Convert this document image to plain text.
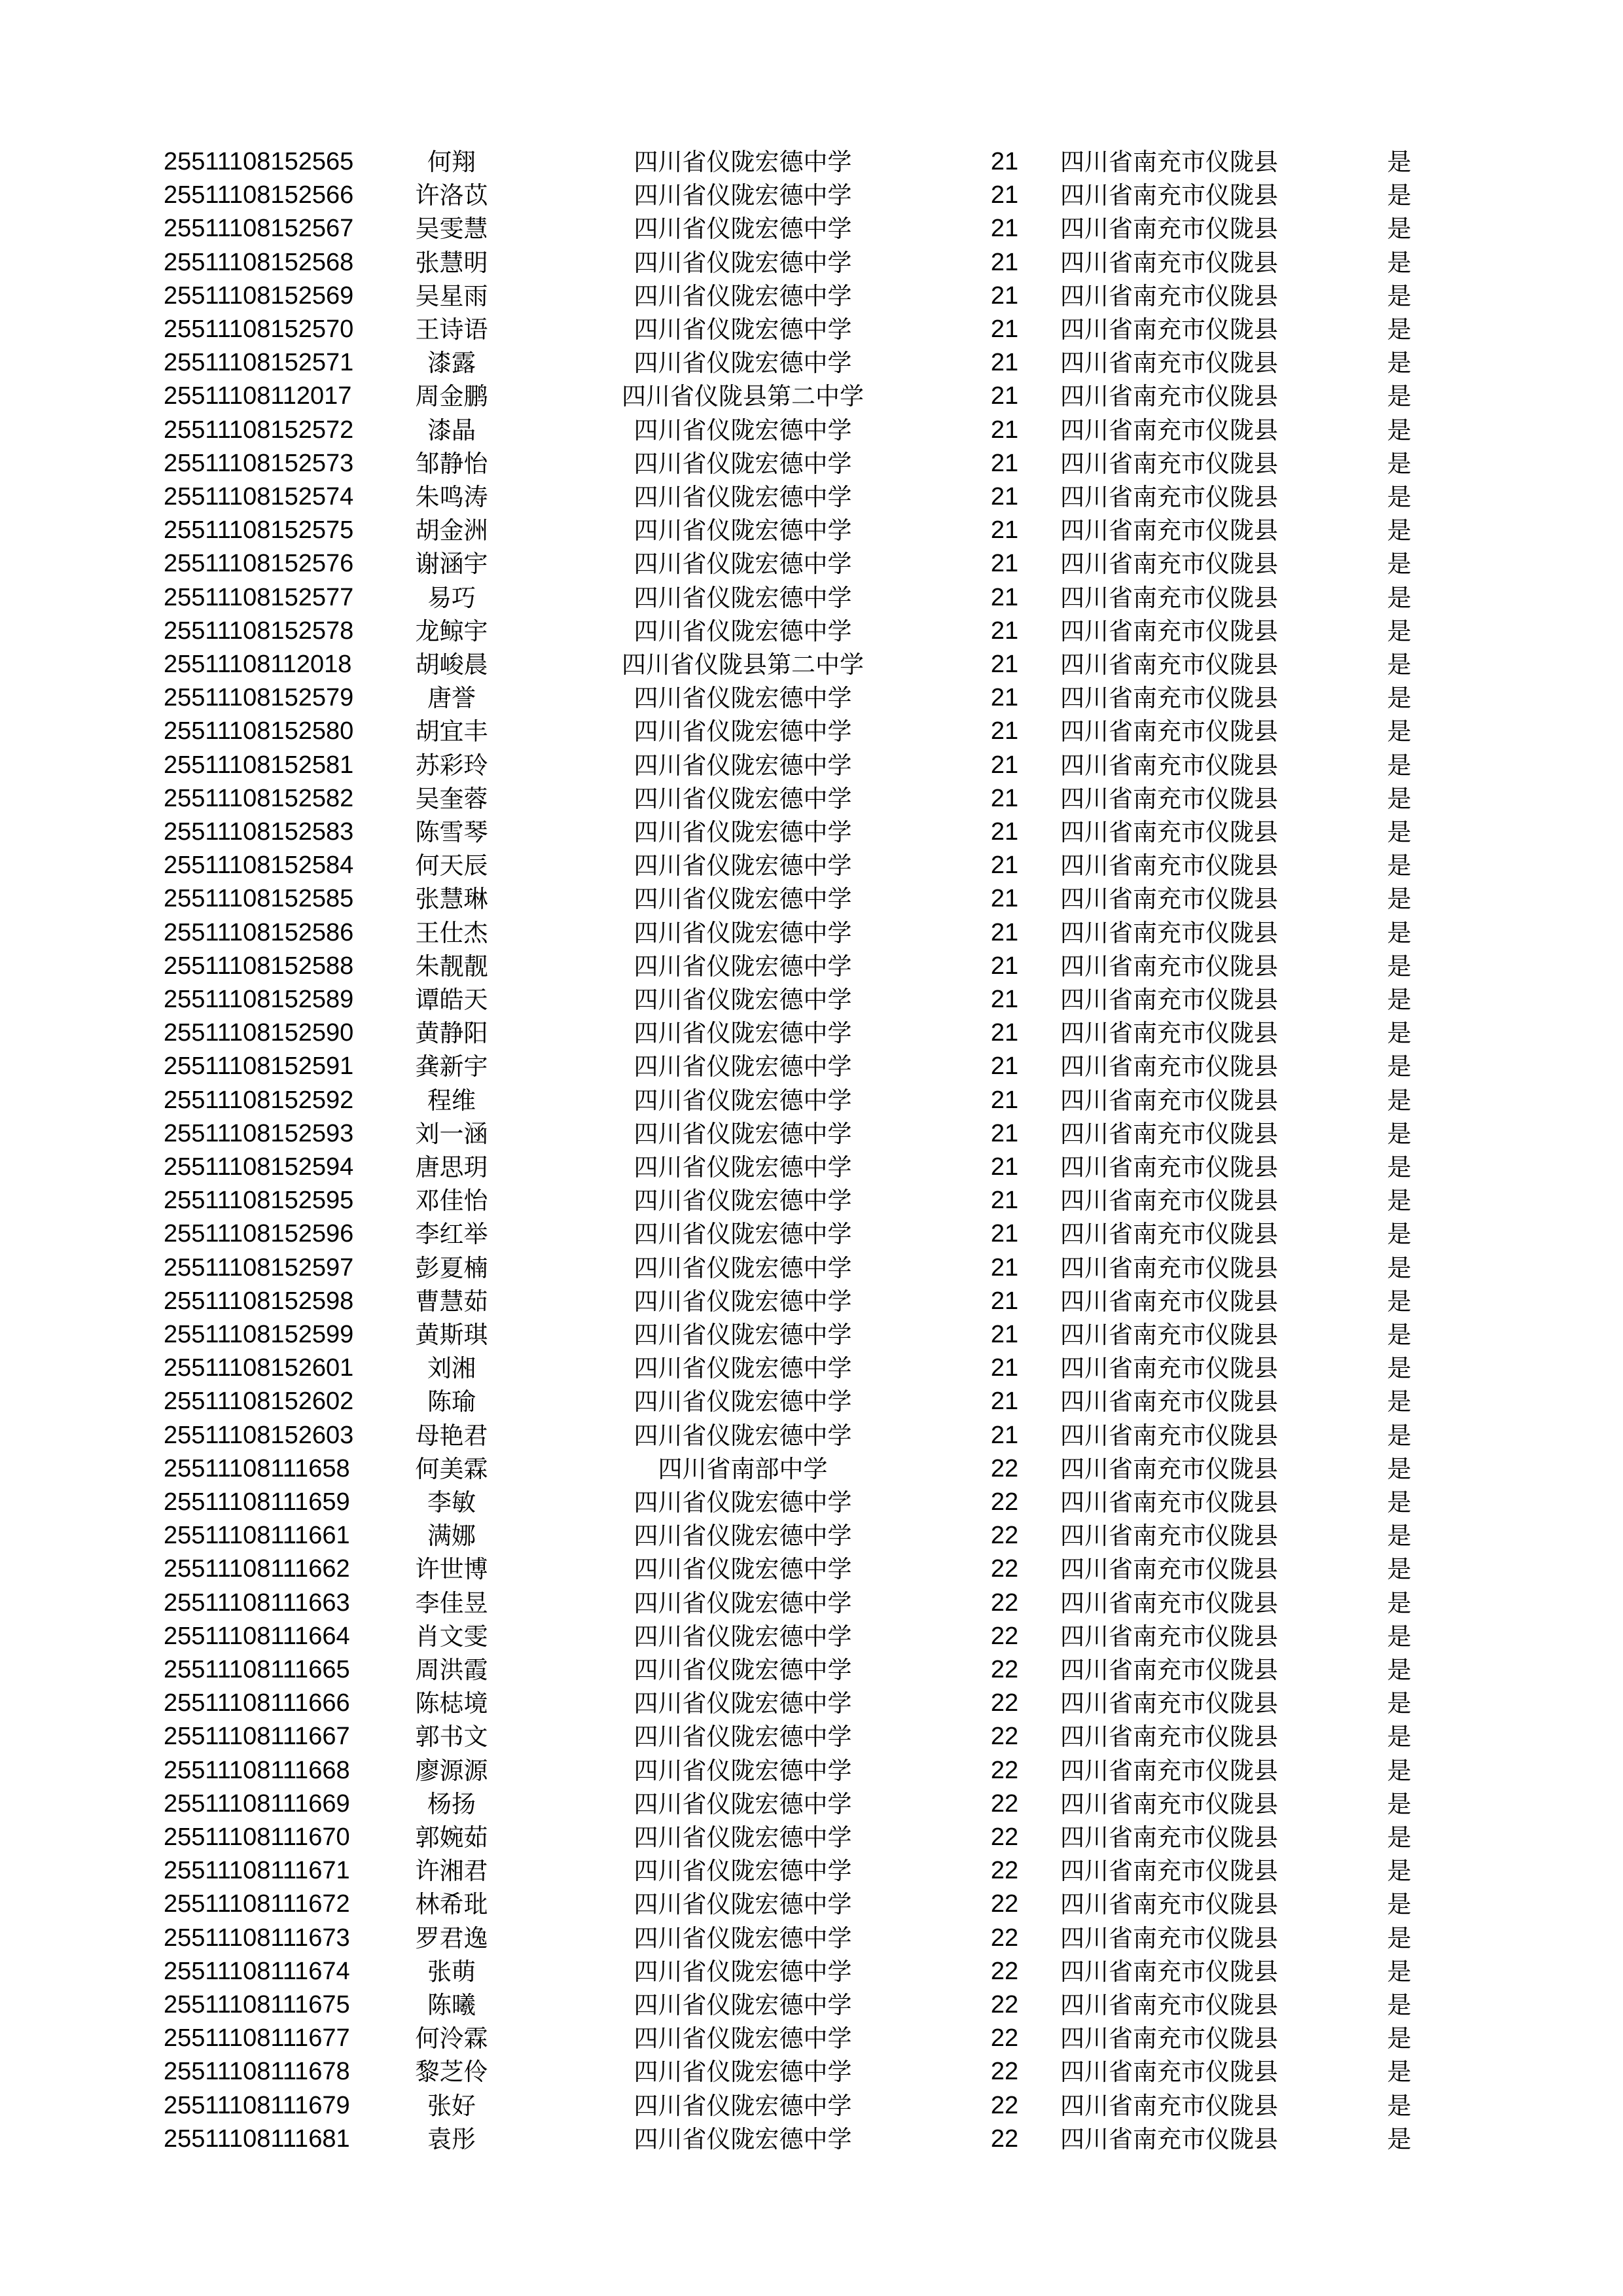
25511108152565	何翔	四川省仪陇宏德中学	21	四川省南充市仪陇县	是
25511108152566	许洛苡	四川省仪陇宏德中学	21	四川省南充市仪陇县	是
25511108152567	吴雯慧	四川省仪陇宏德中学	21	四川省南充市仪陇县	是
25511108152568	张慧明	四川省仪陇宏德中学	21	四川省南充市仪陇县	是
25511108152569	吴星雨	四川省仪陇宏德中学	21	四川省南充市仪陇县	是
25511108152570	王诗语	四川省仪陇宏德中学	21	四川省南充市仪陇县	是
25511108152571	漆露	四川省仪陇宏德中学	21	四川省南充市仪陇县	是
25511108112017	周金鹏	四川省仪陇县第二中学	21	四川省南充市仪陇县	是
25511108152572	漆晶	四川省仪陇宏德中学	21	四川省南充市仪陇县	是
25511108152573	邹静怡	四川省仪陇宏德中学	21	四川省南充市仪陇县	是
25511108152574	朱鸣涛	四川省仪陇宏德中学	21	四川省南充市仪陇县	是
25511108152575	胡金洲	四川省仪陇宏德中学	21	四川省南充市仪陇县	是
25511108152576	谢涵宇	四川省仪陇宏德中学	21	四川省南充市仪陇县	是
25511108152577	易巧	四川省仪陇宏德中学	21	四川省南充市仪陇县	是
25511108152578	龙鲸宇	四川省仪陇宏德中学	21	四川省南充市仪陇县	是
25511108112018	胡峻晨	四川省仪陇县第二中学	21	四川省南充市仪陇县	是
25511108152579	唐誉	四川省仪陇宏德中学	21	四川省南充市仪陇县	是
25511108152580	胡宜丰	四川省仪陇宏德中学	21	四川省南充市仪陇县	是
25511108152581	苏彩玲	四川省仪陇宏德中学	21	四川省南充市仪陇县	是
25511108152582	吴奎蓉	四川省仪陇宏德中学	21	四川省南充市仪陇县	是
25511108152583	陈雪琴	四川省仪陇宏德中学	21	四川省南充市仪陇县	是
25511108152584	何天辰	四川省仪陇宏德中学	21	四川省南充市仪陇县	是
25511108152585	张慧琳	四川省仪陇宏德中学	21	四川省南充市仪陇县	是
25511108152586	王仕杰	四川省仪陇宏德中学	21	四川省南充市仪陇县	是
25511108152588	朱靓靓	四川省仪陇宏德中学	21	四川省南充市仪陇县	是
25511108152589	谭皓天	四川省仪陇宏德中学	21	四川省南充市仪陇县	是
25511108152590	黄静阳	四川省仪陇宏德中学	21	四川省南充市仪陇县	是
25511108152591	龚新宇	四川省仪陇宏德中学	21	四川省南充市仪陇县	是
25511108152592	程维	四川省仪陇宏德中学	21	四川省南充市仪陇县	是
25511108152593	刘一涵	四川省仪陇宏德中学	21	四川省南充市仪陇县	是
25511108152594	唐思玥	四川省仪陇宏德中学	21	四川省南充市仪陇县	是
25511108152595	邓佳怡	四川省仪陇宏德中学	21	四川省南充市仪陇县	是
25511108152596	李红举	四川省仪陇宏德中学	21	四川省南充市仪陇县	是
25511108152597	彭夏楠	四川省仪陇宏德中学	21	四川省南充市仪陇县	是
25511108152598	曹慧茹	四川省仪陇宏德中学	21	四川省南充市仪陇县	是
25511108152599	黄斯琪	四川省仪陇宏德中学	21	四川省南充市仪陇县	是
25511108152601	刘湘	四川省仪陇宏德中学	21	四川省南充市仪陇县	是
25511108152602	陈瑜	四川省仪陇宏德中学	21	四川省南充市仪陇县	是
25511108152603	母艳君	四川省仪陇宏德中学	21	四川省南充市仪陇县	是
25511108111658	何美霖	四川省南部中学	22	四川省南充市仪陇县	是
25511108111659	李敏	四川省仪陇宏德中学	22	四川省南充市仪陇县	是
25511108111661	满娜	四川省仪陇宏德中学	22	四川省南充市仪陇县	是
25511108111662	许世博	四川省仪陇宏德中学	22	四川省南充市仪陇县	是
25511108111663	李佳昱	四川省仪陇宏德中学	22	四川省南充市仪陇县	是
25511108111664	肖文雯	四川省仪陇宏德中学	22	四川省南充市仪陇县	是
25511108111665	周洪霞	四川省仪陇宏德中学	22	四川省南充市仪陇县	是
25511108111666	陈梽境	四川省仪陇宏德中学	22	四川省南充市仪陇县	是
25511108111667	郭书文	四川省仪陇宏德中学	22	四川省南充市仪陇县	是
25511108111668	廖源源	四川省仪陇宏德中学	22	四川省南充市仪陇县	是
25511108111669	杨扬	四川省仪陇宏德中学	22	四川省南充市仪陇县	是
25511108111670	郭婉茹	四川省仪陇宏德中学	22	四川省南充市仪陇县	是
25511108111671	许湘君	四川省仪陇宏德中学	22	四川省南充市仪陇县	是
25511108111672	林希玭	四川省仪陇宏德中学	22	四川省南充市仪陇县	是
25511108111673	罗君逸	四川省仪陇宏德中学	22	四川省南充市仪陇县	是
25511108111674	张萌	四川省仪陇宏德中学	22	四川省南充市仪陇县	是
25511108111675	陈曦	四川省仪陇宏德中学	22	四川省南充市仪陇县	是
25511108111677	何泠霖	四川省仪陇宏德中学	22	四川省南充市仪陇县	是
25511108111678	黎芝伶	四川省仪陇宏德中学	22	四川省南充市仪陇县	是
25511108111679	张好	四川省仪陇宏德中学	22	四川省南充市仪陇县	是
25511108111681	袁彤	四川省仪陇宏德中学	22	四川省南充市仪陇县	是
